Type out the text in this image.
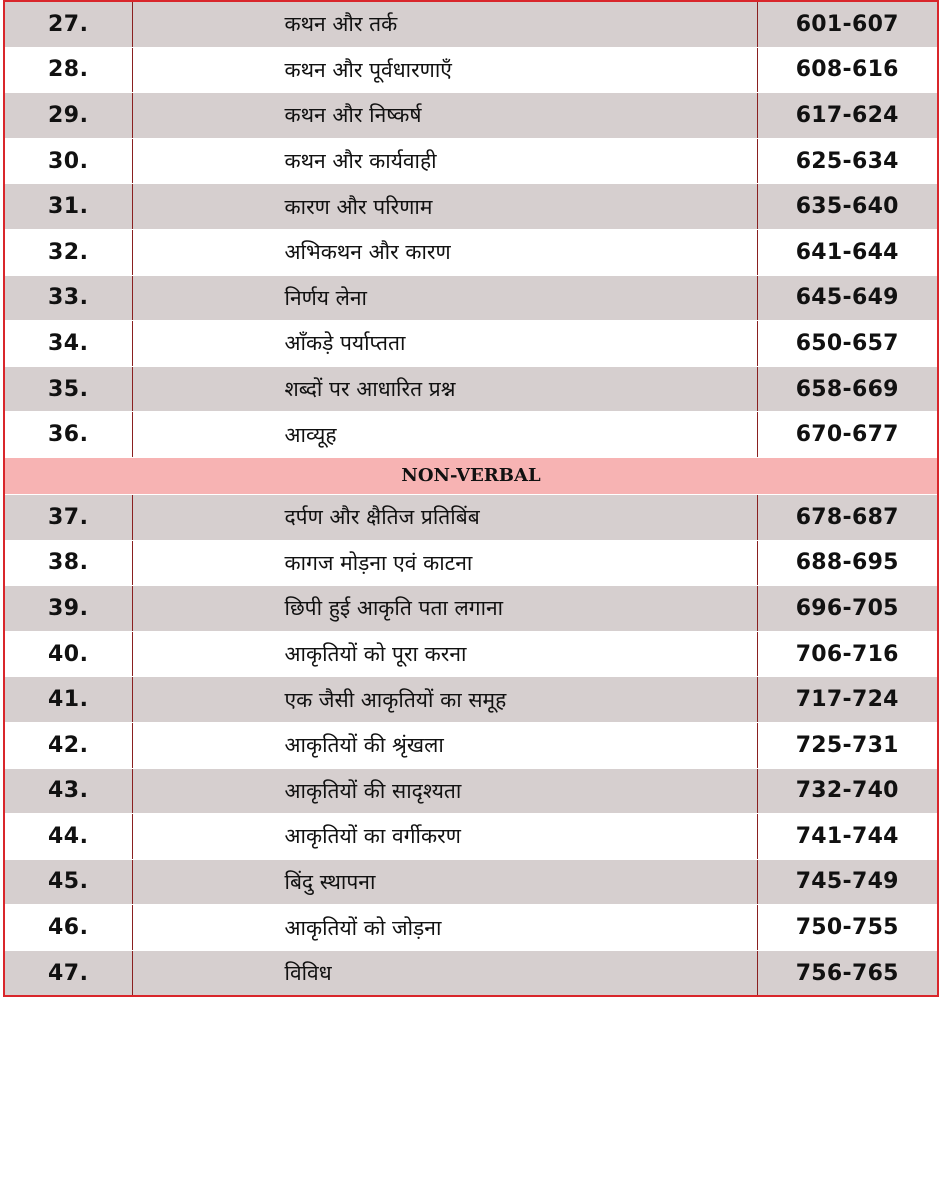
27.	कथन और तर्क	601-607
28.	कथन और पूर्वधारणाएँ	608-616
29.	कथन और निष्कर्ष	617-624
30.	कथन और कार्यवाही	625-634
31.	कारण और परिणाम	635-640
32.	अभिकथन और कारण	641-644
33.	निर्णय लेना	645-649
34.	आँकड़े पर्याप्तता	650-657
35.	शब्दों पर आधारित प्रश्न	658-669
36.	आव्यूह	670-677
NON-VERBAL		
37.	दर्पण और क्षैतिज प्रतिबिंब	678-687
38.	कागज मोड़ना एवं काटना	688-695
39.	छिपी हुई आकृति पता लगाना	696-705
40.	आकृतियों को पूरा करना	706-716
41.	एक जैसी आकृतियों का समूह	717-724
42.	आकृतियों की श्रृंखला	725-731
43.	आकृतियों की सादृश्यता	732-740
44.	आकृतियों का वर्गीकरण	741-744
45.	बिंदु स्थापना	745-749
46.	आकृतियों को जोड़ना	750-755
47.	विविध	756-765
